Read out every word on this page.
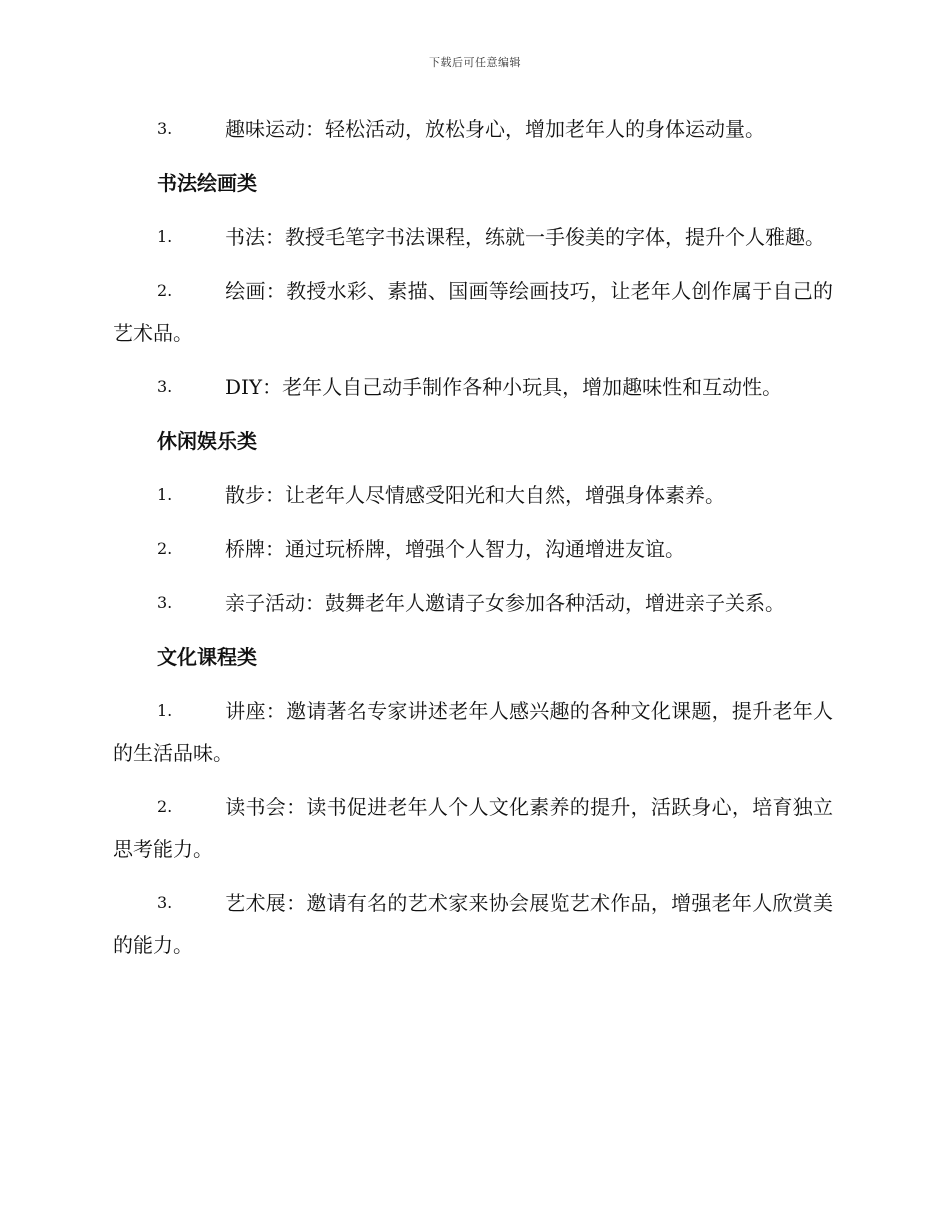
下载后可任意编辑

3.	趣味运动：轻松活动，放松身心，增加老年人的身体运动量。

书法绘画类

1.	书法：教授毛笔字书法课程，练就一手俊美的字体，提升个人雅趣。

2.	绘画：教授水彩、素描、国画等绘画技巧，让老年人创作属于自己的艺术品。

3.	DIY：老年人自己动手制作各种小玩具，增加趣味性和互动性。

休闲娱乐类

1.	散步：让老年人尽情感受阳光和大自然，增强身体素养。

2.	桥牌：通过玩桥牌，增强个人智力，沟通增进友谊。

3.	亲子活动：鼓舞老年人邀请子女参加各种活动，增进亲子关系。

文化课程类

1.	讲座：邀请著名专家讲述老年人感兴趣的各种文化课题，提升老年人的生活品味。

2.	读书会：读书促进老年人个人文化素养的提升，活跃身心，培育独立思考能力。

3.	艺术展：邀请有名的艺术家来协会展览艺术作品，增强老年人欣赏美的能力。
